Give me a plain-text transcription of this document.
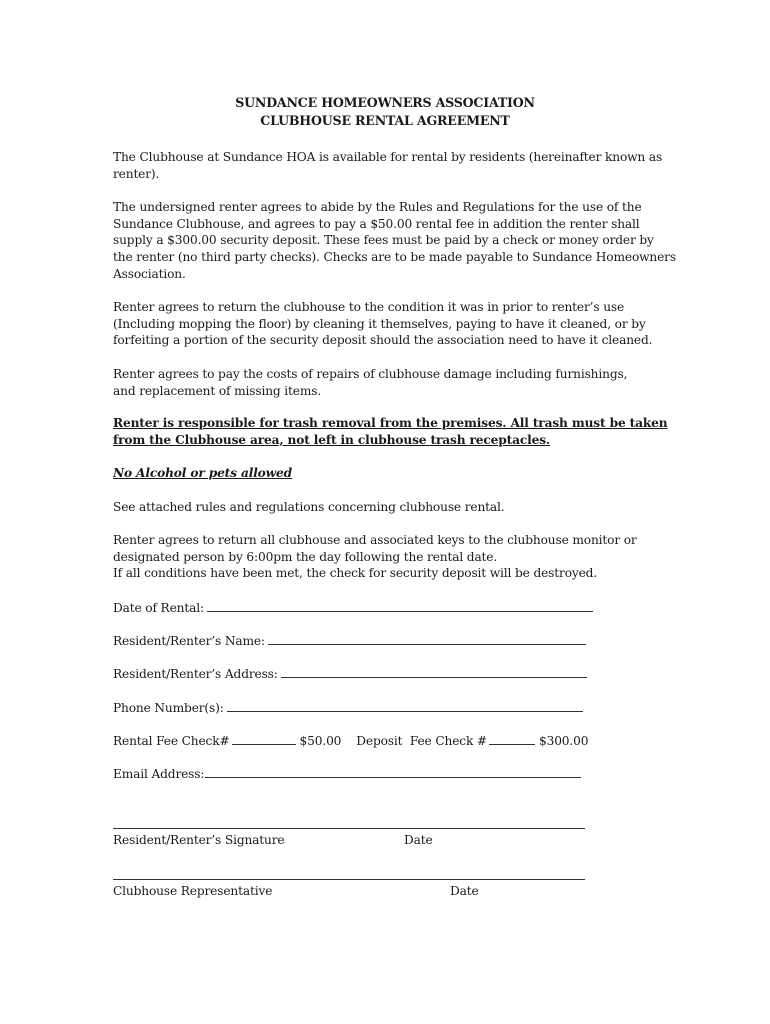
SUNDANCE HOMEOWNERS ASSOCIATION
CLUBHOUSE RENTAL AGREEMENT

The Clubhouse at Sundance HOA is available for rental by residents (hereinafter known as
renter).

The undersigned renter agrees to abide by the Rules and Regulations for the use of the
Sundance Clubhouse, and agrees to pay a $50.00 rental fee in addition the renter shall
supply a $300.00 security deposit. These fees must be paid by a check or money order by
the renter (no third party checks). Checks are to be made payable to Sundance Homeowners
Association.

Renter agrees to return the clubhouse to the condition it was in prior to renter’s use
(Including mopping the floor) by cleaning it themselves, paying to have it cleaned, or by
forfeiting a portion of the security deposit should the association need to have it cleaned.

Renter agrees to pay the costs of repairs of clubhouse damage including furnishings,
and replacement of missing items.

Renter is responsible for trash removal from the premises. All trash must be taken
from the Clubhouse area, not left in clubhouse trash receptacles.

No Alcohol or pets allowed

See attached rules and regulations concerning clubhouse rental.

Renter agrees to return all clubhouse and associated keys to the clubhouse monitor or
designated person by 6:00pm the day following the rental date.
If all conditions have been met, the check for security deposit will be destroyed.

Date of Rental:
Resident/Renter’s Name:
Resident/Renter’s Address:
Phone Number(s):
Rental Fee Check#	$50.00 Deposit  Fee Check #	$300.00
Email Address:
Resident/Renter’s Signature	Date
Clubhouse Representative	Date
